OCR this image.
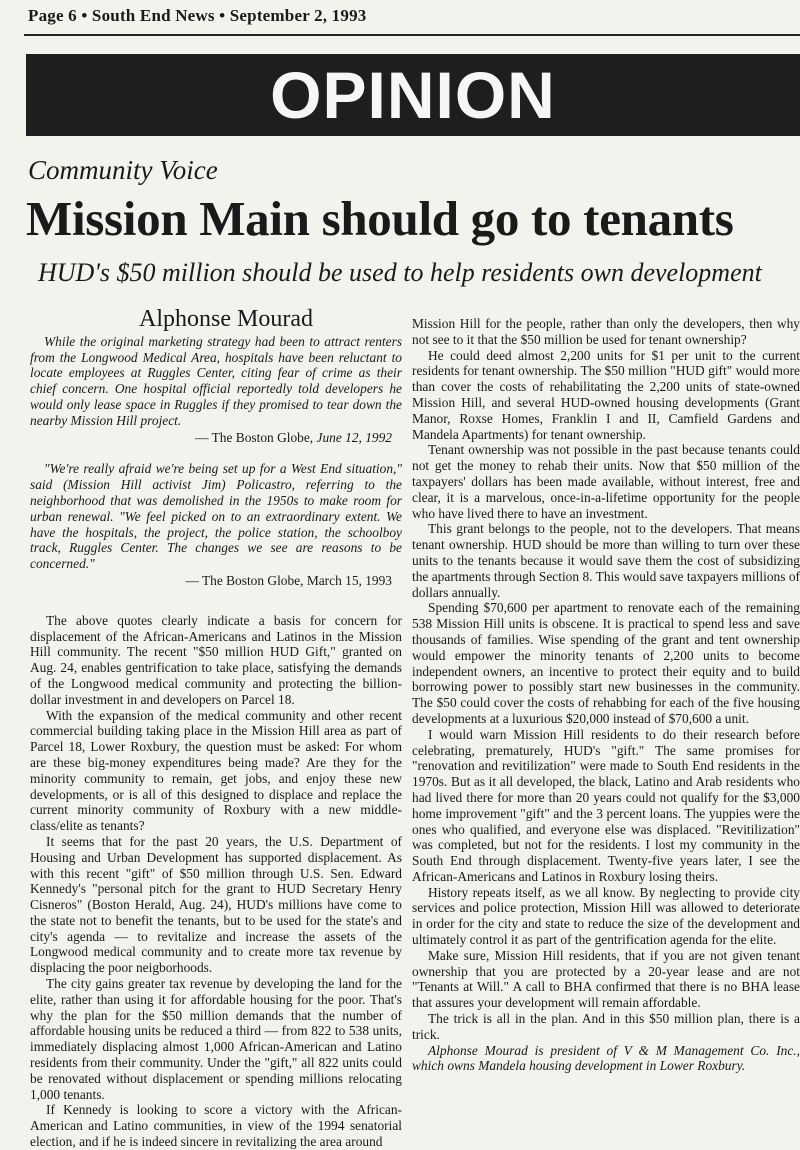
Page 6 • South End News • September 2, 1993
OPINION
Community Voice
Mission Main should go to tenants
HUD's $50 million should be used to help residents own development
Alphonse Mourad

While the original marketing strategy had been to attract renters from the Longwood Medical Area, hospitals have been reluctant to locate employees at Ruggles Center, citing fear of crime as their chief concern. One hospital official reportedly told developers he would only lease space in Ruggles if they promised to tear down the nearby Mission Hill project.

— The Boston Globe, June 12, 1992

"We're really afraid we're being set up for a West End situation," said (Mission Hill activist Jim) Policastro, referring to the neighborhood that was demolished in the 1950s to make room for urban renewal. "We feel picked on to an extraordinary extent. We have the hospitals, the project, the police station, the schoolboy track, Ruggles Center. The changes we see are reasons to be concerned."

— The Boston Globe, March 15, 1993

The above quotes clearly indicate a basis for concern for displacement of the African-Americans and Latinos in the Mission Hill community. The recent "$50 million HUD Gift," granted on Aug. 24, enables gentrification to take place, satisfying the demands of the Longwood medical community and protecting the billion-dollar investment in and developers on Parcel 18.

With the expansion of the medical community and other recent commercial building taking place in the Mission Hill area as part of Parcel 18, Lower Roxbury, the question must be asked: For whom are these big-money expenditures being made? Are they for the minority community to remain, get jobs, and enjoy these new developments, or is all of this designed to displace and replace the current minority community of Roxbury with a new middle-class/elite as tenants?

It seems that for the past 20 years, the U.S. Department of Housing and Urban Development has supported displacement. As with this recent "gift" of $50 million through U.S. Sen. Edward Kennedy's "personal pitch for the grant to HUD Secretary Henry Cisneros" (Boston Herald, Aug. 24), HUD's millions have come to the state not to benefit the tenants, but to be used for the state's and city's agenda — to revitalize and increase the assets of the Longwood medical community and to create more tax revenue by displacing the poor neigborhoods.

The city gains greater tax revenue by developing the land for the elite, rather than using it for affordable housing for the poor. That's why the plan for the $50 million demands that the number of affordable housing units be reduced a third — from 822 to 538 units, immediately displacing almost 1,000 African-American and Latino residents from their community. Under the "gift," all 822 units could be renovated without displacement or spending millions relocating 1,000 tenants.

If Kennedy is looking to score a victory with the African-American and Latino communities, in view of the 1994 senatorial election, and if he is indeed sincere in revitalizing the area around

Mission Hill for the people, rather than only the developers, then why not see to it that the $50 million be used for tenant ownership?

He could deed almost 2,200 units for $1 per unit to the current residents for tenant ownership. The $50 million "HUD gift" would more than cover the costs of rehabilitating the 2,200 units of state-owned Mission Hill, and several HUD-owned housing developments (Grant Manor, Roxse Homes, Franklin I and II, Camfield Gardens and Mandela Apartments) for tenant ownership.

Tenant ownership was not possible in the past because tenants could not get the money to rehab their units. Now that $50 million of the taxpayers' dollars has been made available, without interest, free and clear, it is a marvelous, once-in-a-lifetime opportunity for the people who have lived there to have an investment.

This grant belongs to the people, not to the developers. That means tenant ownership. HUD should be more than willing to turn over these units to the tenants because it would save them the cost of subsidizing the apartments through Section 8. This would save taxpayers millions of dollars annually.

Spending $70,600 per apartment to renovate each of the remaining 538 Mission Hill units is obscene. It is practical to spend less and save thousands of families. Wise spending of the grant and tent ownership would empower the minority tenants of 2,200 units to become independent owners, an incentive to protect their equity and to build borrowing power to possibly start new businesses in the community. The $50 could cover the costs of rehabbing for each of the five housing developments at a luxurious $20,000 instead of $70,600 a unit.

I would warn Mission Hill residents to do their research before celebrating, prematurely, HUD's "gift." The same promises for "renovation and revitilization" were made to South End residents in the 1970s. But as it all developed, the black, Latino and Arab residents who had lived there for more than 20 years could not qualify for the $3,000 home improvement "gift" and the 3 percent loans. The yuppies were the ones who qualified, and everyone else was displaced. "Revitilization" was completed, but not for the residents. I lost my community in the South End through displacement. Twenty-five years later, I see the African-Americans and Latinos in Roxbury losing theirs.

History repeats itself, as we all know. By neglecting to provide city services and police protection, Mission Hill was allowed to deteriorate in order for the city and state to reduce the size of the development and ultimately control it as part of the gentrification agenda for the elite.

Make sure, Mission Hill residents, that if you are not given tenant ownership that you are protected by a 20-year lease and are not "Tenants at Will." A call to BHA confirmed that there is no BHA lease that assures your development will remain affordable.

The trick is all in the plan. And in this $50 million plan, there is a trick.

Alphonse Mourad is president of V & M Management Co. Inc., which owns Mandela housing development in Lower Roxbury.
